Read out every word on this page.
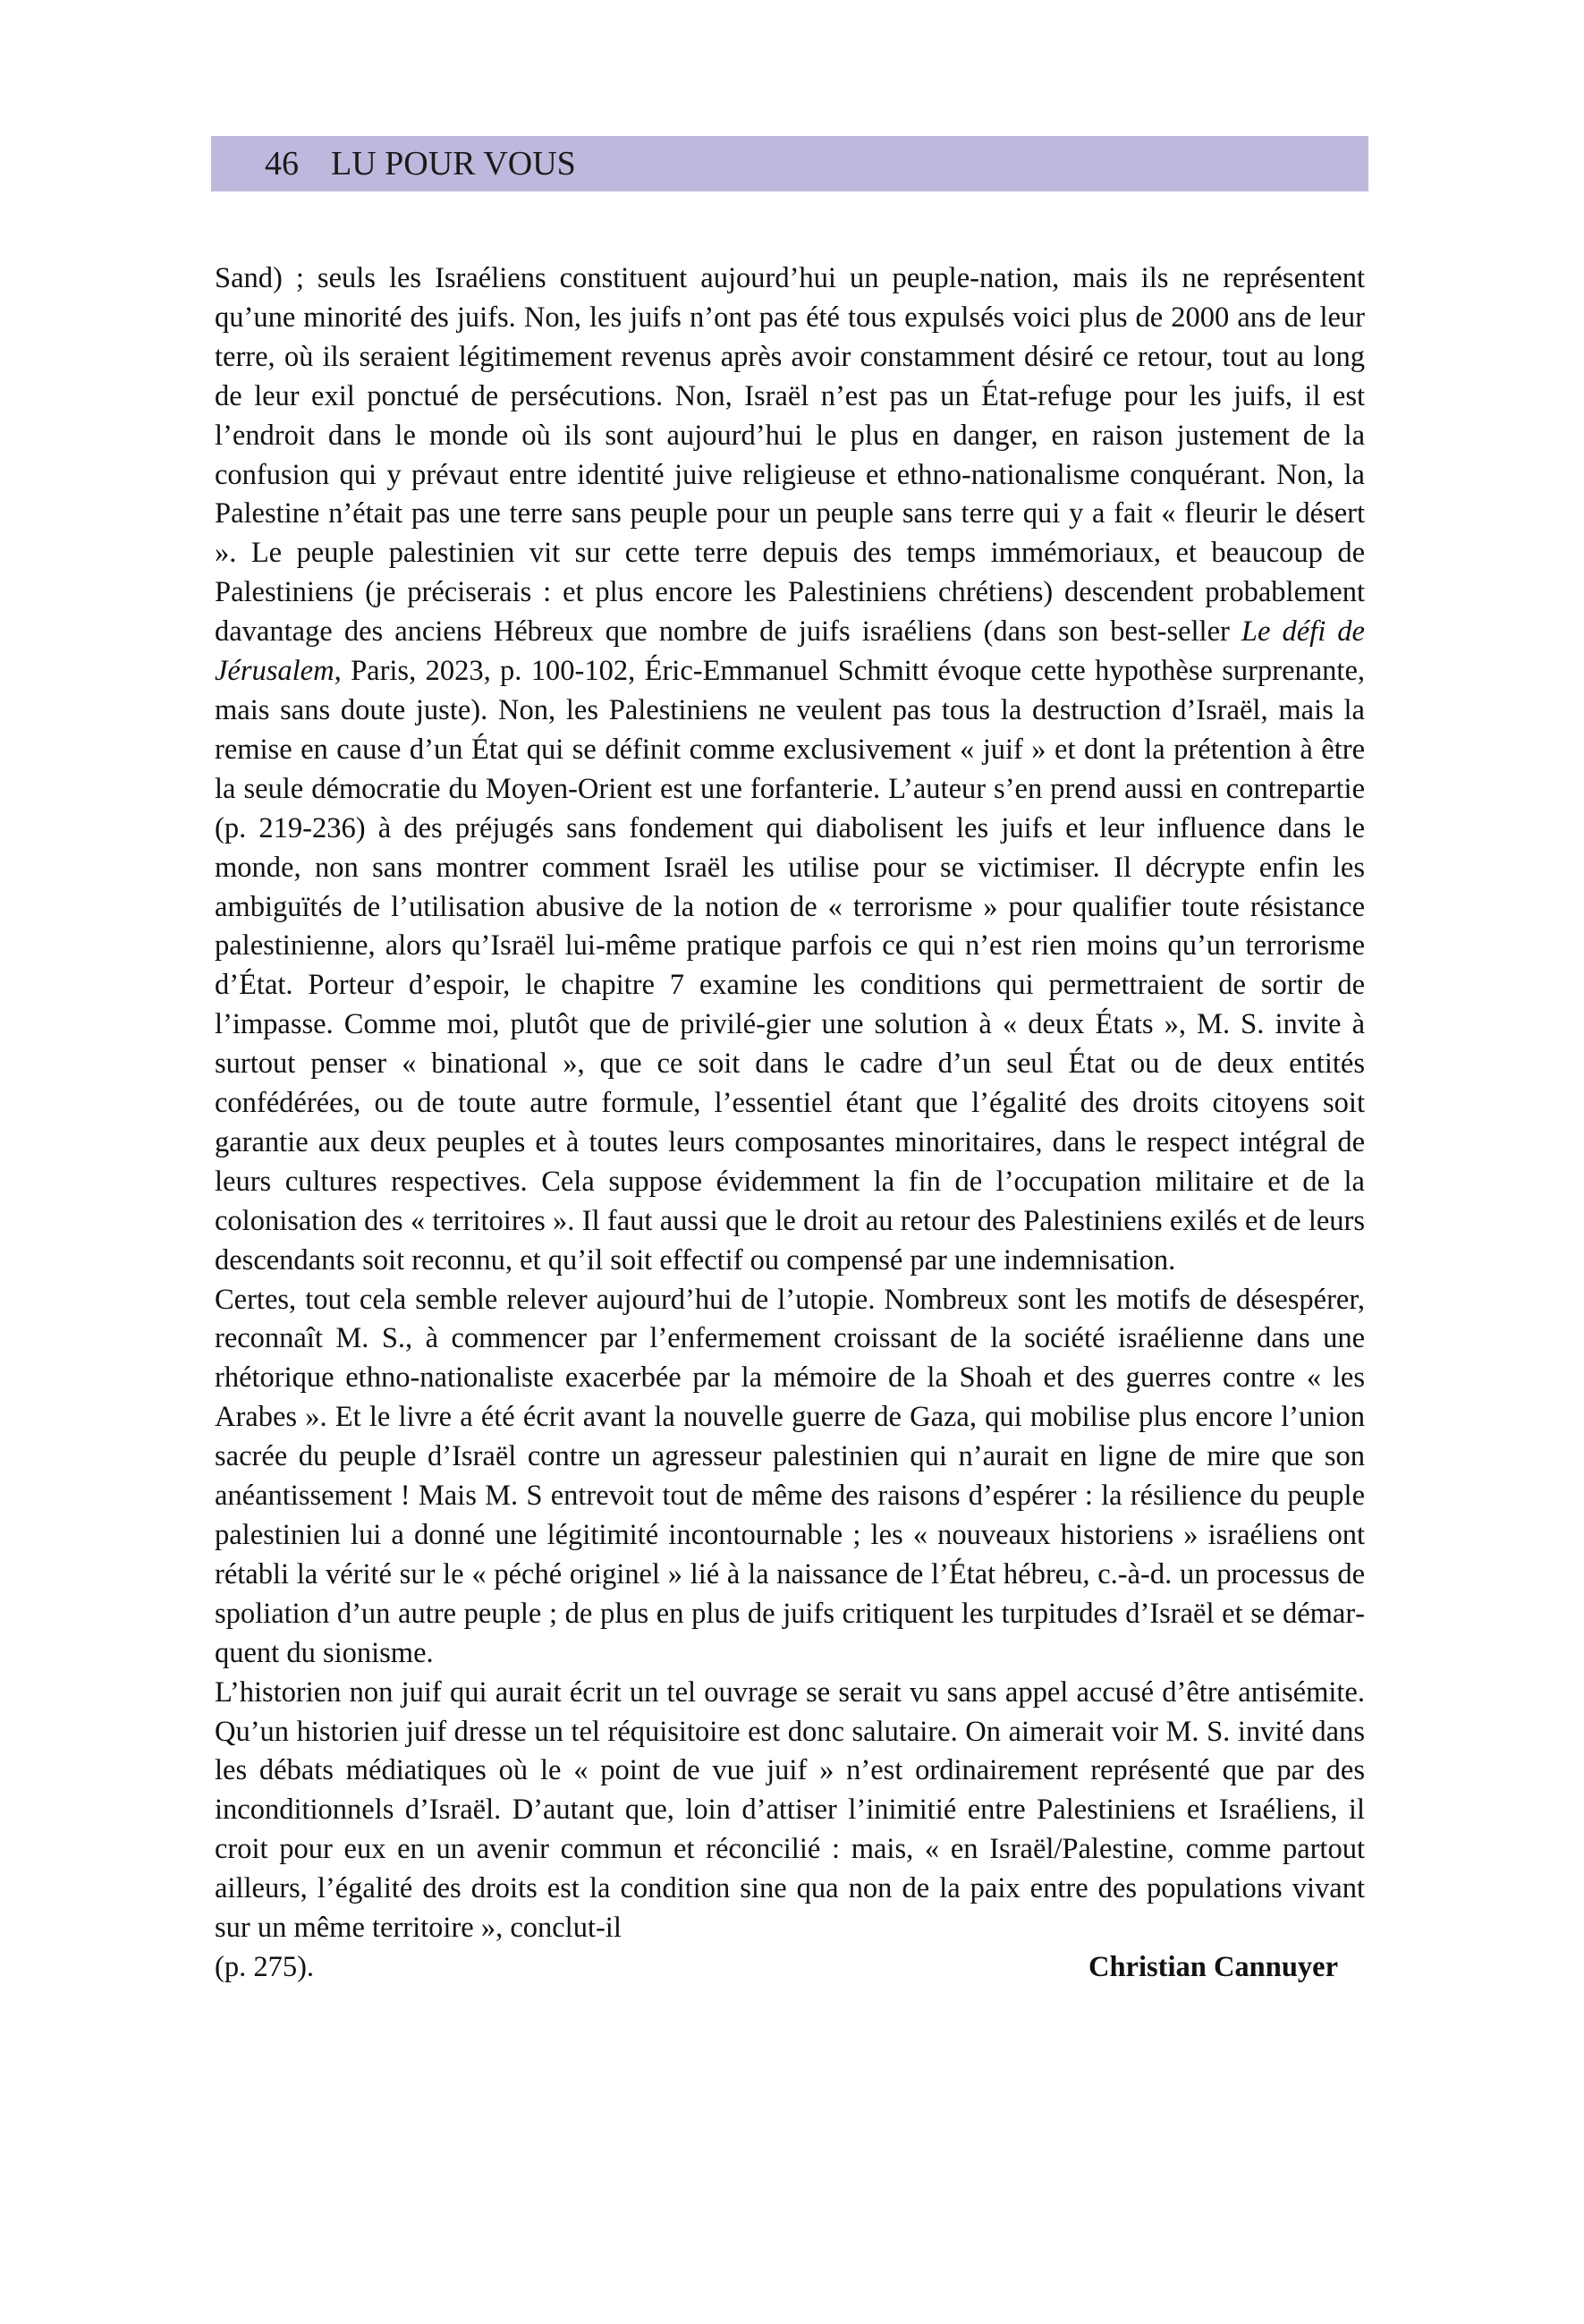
46 LU POUR VOUS

Sand) ; seuls les Israéliens constituent aujourd’hui un peuple-nation, mais ils ne représentent qu’une minorité des juifs. Non, les juifs n’ont pas été tous expulsés voici plus de 2000 ans de leur terre, où ils seraient légitimement revenus après avoir constamment désiré ce retour, tout au long de leur exil ponctué de persécutions. Non, Israël n’est pas un État-refuge pour les juifs, il est l’endroit dans le monde où ils sont aujourd’hui le plus en danger, en raison justement de la confusion qui y prévaut entre identité juive religieuse et ethno-nationalisme conquérant. Non, la Palestine n’était pas une terre sans peuple pour un peuple sans terre qui y a fait « fleurir le désert ». Le peuple palestinien vit sur cette terre depuis des temps immémoriaux, et beaucoup de Palestiniens (je préciserais : et plus encore les Palestiniens chrétiens) descendent probablement davantage des anciens Hébreux que nombre de juifs israéliens (dans son best-seller Le défi de Jérusalem, Paris, 2023, p. 100-102, Éric-Emmanuel Schmitt évoque cette hypothèse surprenante, mais sans doute juste). Non, les Palestiniens ne veulent pas tous la destruction d’Israël, mais la remise en cause d’un État qui se définit comme exclusivement « juif » et dont la prétention à être la seule démocratie du Moyen-Orient est une forfanterie. L’auteur s’en prend aussi en contrepartie (p. 219-236) à des préjugés sans fondement qui diabolisent les juifs et leur influence dans le monde, non sans montrer comment Israël les utilise pour se victimiser. Il décrypte enfin les ambiguïtés de l’utilisation abusive de la notion de « terrorisme » pour qualifier toute résistance palestinienne, alors qu’Israël lui-même pratique parfois ce qui n’est rien moins qu’un terrorisme d’État. Porteur d’espoir, le chapitre 7 examine les conditions qui permettraient de sortir de l’impasse. Comme moi, plutôt que de privilé-gier une solution à « deux États », M. S. invite à surtout penser « binational », que ce soit dans le cadre d’un seul État ou de deux entités confédérées, ou de toute autre formule, l’essentiel étant que l’égalité des droits citoyens soit garantie aux deux peuples et à toutes leurs composantes minoritaires, dans le respect intégral de leurs cultures respectives. Cela suppose évidemment la fin de l’occupation militaire et de la colonisation des « territoires ». Il faut aussi que le droit au retour des Palestiniens exilés et de leurs descendants soit reconnu, et qu’il soit effectif ou compensé par une indemnisation.

Certes, tout cela semble relever aujourd’hui de l’utopie. Nombreux sont les motifs de désespérer, reconnaît M. S., à commencer par l’enfermement croissant de la société israélienne dans une rhétorique ethno-nationaliste exacerbée par la mémoire de la Shoah et des guerres contre « les Arabes ». Et le livre a été écrit avant la nouvelle guerre de Gaza, qui mobilise plus encore l’union sacrée du peuple d’Israël contre un agresseur palestinien qui n’aurait en ligne de mire que son anéantissement ! Mais M. S entrevoit tout de même des raisons d’espérer : la résilience du peuple palestinien lui a donné une légitimité incontournable ; les « nouveaux historiens » israéliens ont rétabli la vérité sur le « péché originel » lié à la naissance de l’État hébreu, c.-à-d. un processus de spoliation d’un autre peuple ; de plus en plus de juifs critiquent les turpitudes d’Israël et se démarquent du sionisme.

L’historien non juif qui aurait écrit un tel ouvrage se serait vu sans appel accusé d’être antisémite. Qu’un historien juif dresse un tel réquisitoire est donc salutaire. On aimerait voir M. S. invité dans les débats médiatiques où le « point de vue juif » n’est ordinairement représenté que par des inconditionnels d’Israël. D’autant que, loin d’attiser l’inimitié entre Palestiniens et Israéliens, il croit pour eux en un avenir commun et réconcilié : mais, « en Israël/Palestine, comme partout ailleurs, l’égalité des droits est la condition sine qua non de la paix entre des populations vivant sur un même territoire », conclut-il

(p. 275).	Christian Cannuyer
